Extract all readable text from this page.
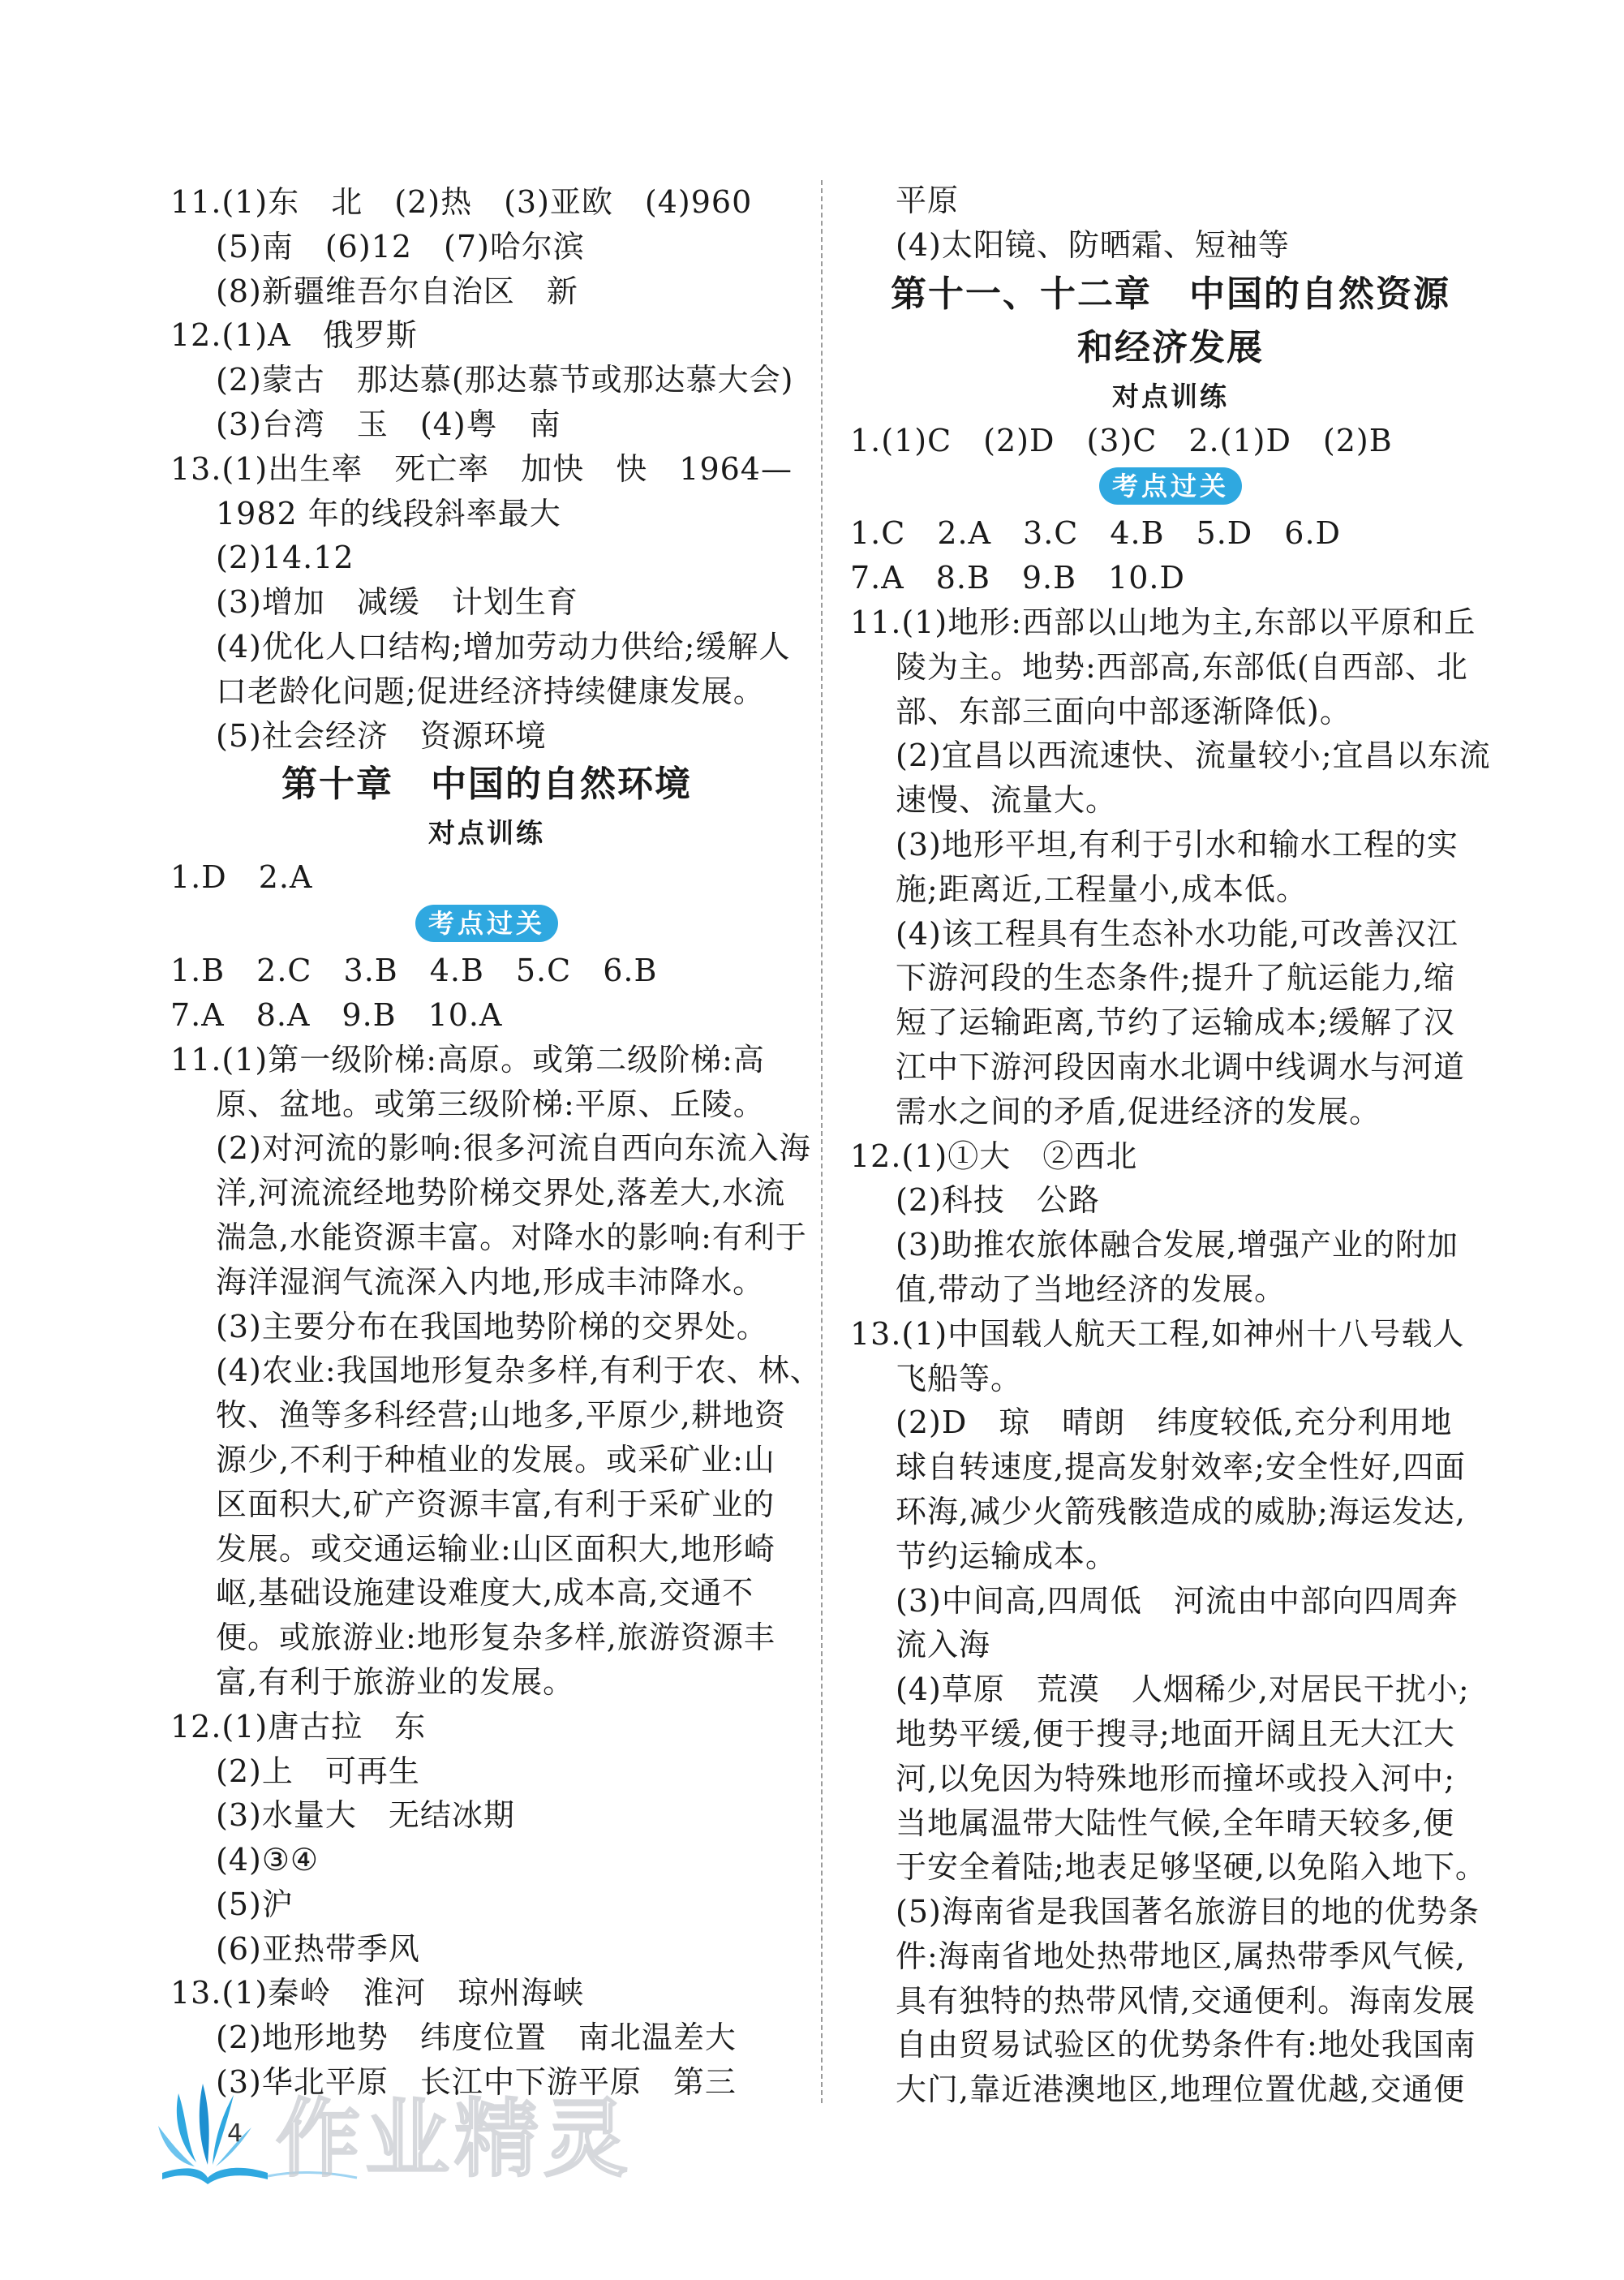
11.(1)东　北　(2)热　(3)亚欧　(4)960
(5)南　(6)12　(7)哈尔滨
(8)新疆维吾尔自治区　新
12.(1)A　俄罗斯
(2)蒙古　那达慕(那达慕节或那达慕大会)
(3)台湾　玉　(4)粤　南
13.(1)出生率　死亡率　加快　快　1964—
1982 年的线段斜率最大
(2)14.12
(3)增加　减缓　计划生育
(4)优化人口结构;增加劳动力供给;缓解人
口老龄化问题;促进经济持续健康发展。
(5)社会经济　资源环境
第十章　中国的自然环境
对点训练
1.D　2.A
考点过关
1.B　2.C　3.B　4.B　5.C　6.B
7.A　8.A　9.B　10.A
11.(1)第一级阶梯:高原。或第二级阶梯:高
原、盆地。或第三级阶梯:平原、丘陵。
(2)对河流的影响:很多河流自西向东流入海
洋,河流流经地势阶梯交界处,落差大,水流
湍急,水能资源丰富。对降水的影响:有利于
海洋湿润气流深入内地,形成丰沛降水。
(3)主要分布在我国地势阶梯的交界处。
(4)农业:我国地形复杂多样,有利于农、林、
牧、渔等多科经营;山地多,平原少,耕地资
源少,不利于种植业的发展。或采矿业:山
区面积大,矿产资源丰富,有利于采矿业的
发展。或交通运输业:山区面积大,地形崎
岖,基础设施建设难度大,成本高,交通不
便。或旅游业:地形复杂多样,旅游资源丰
富,有利于旅游业的发展。
12.(1)唐古拉　东
(2)上　可再生
(3)水量大　无结冰期
(4)③④
(5)沪
(6)亚热带季风
13.(1)秦岭　淮河　琼州海峡
(2)地形地势　纬度位置　南北温差大
(3)华北平原　长江中下游平原　第三
平原
(4)太阳镜、防晒霜、短袖等
第十一、十二章　中国的自然资源
和经济发展
对点训练
1.(1)C　(2)D　(3)C　2.(1)D　(2)B
考点过关
1.C　2.A　3.C　4.B　5.D　6.D
7.A　8.B　9.B　10.D
11.(1)地形:西部以山地为主,东部以平原和丘
陵为主。地势:西部高,东部低(自西部、北
部、东部三面向中部逐渐降低)。
(2)宜昌以西流速快、流量较小;宜昌以东流
速慢、流量大。
(3)地形平坦,有利于引水和输水工程的实
施;距离近,工程量小,成本低。
(4)该工程具有生态补水功能,可改善汉江
下游河段的生态条件;提升了航运能力,缩
短了运输距离,节约了运输成本;缓解了汉
江中下游河段因南水北调中线调水与河道
需水之间的矛盾,促进经济的发展。
12.(1)①大　②西北
(2)科技　公路
(3)助推农旅体融合发展,增强产业的附加
值,带动了当地经济的发展。
13.(1)中国载人航天工程,如神州十八号载人
飞船等。
(2)D　琼　晴朗　纬度较低,充分利用地
球自转速度,提高发射效率;安全性好,四面
环海,减少火箭残骸造成的威胁;海运发达,
节约运输成本。
(3)中间高,四周低　河流由中部向四周奔
流入海
(4)草原　荒漠　人烟稀少,对居民干扰小;
地势平缓,便于搜寻;地面开阔且无大江大
河,以免因为特殊地形而撞坏或投入河中;
当地属温带大陆性气候,全年晴天较多,便
于安全着陆;地表足够坚硬,以免陷入地下。
(5)海南省是我国著名旅游目的地的优势条
件:海南省地处热带地区,属热带季风气候,
具有独特的热带风情,交通便利。海南发展
自由贸易试验区的优势条件有:地处我国南
大门,靠近港澳地区,地理位置优越,交通便
4 作业精灵
